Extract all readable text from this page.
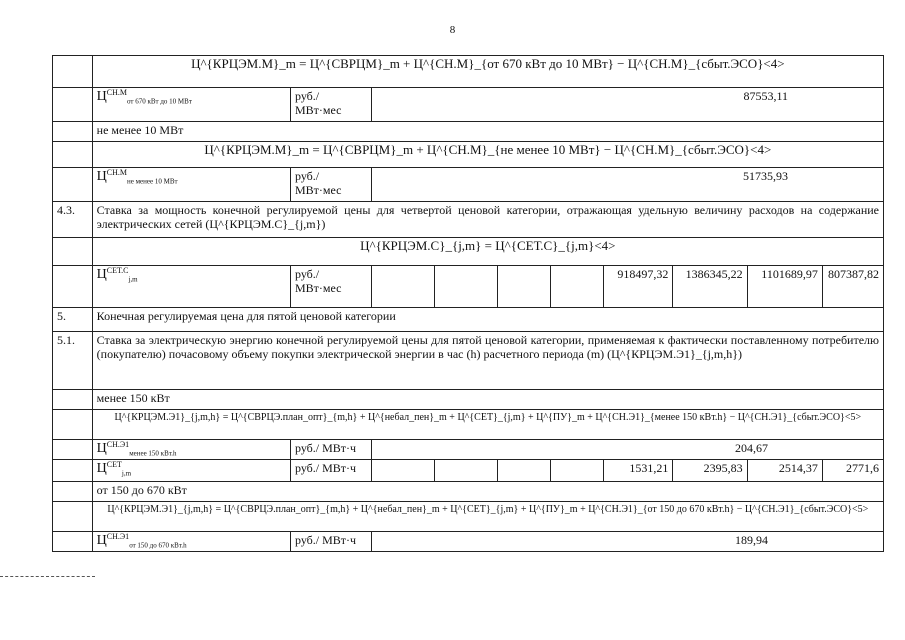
8
	Ц^{КРЦЭМ.М}_m = Ц^{СВРЦМ}_m + Ц^{СН.М}_{от 670 кВт до 10 МВт} − Ц^{СН.М}_{сбыт.ЭСО}<4>									
	$Ц^{СН.М}_{от 670 кВт до 10 МВт}$	руб./ МВт·мес	87553,11							
	не менее 10 МВт									
	Ц^{КРЦЭМ.М}_m = Ц^{СВРЦМ}_m + Ц^{СН.М}_{не менее 10 МВт} − Ц^{СН.М}_{сбыт.ЭСО}<4>									
	$Ц^{СН.М}_{не менее 10 МВт}$	руб./ МВт·мес	51735,93							
4.3.	Ставка за мощность конечной регулируемой цены для четвертой ценовой категории, отражающая удельную величину расходов на содержание электрических сетей (Ц^{КРЦЭМ.С}_{j,m})									
	Ц^{КРЦЭМ.С}_{j,m} = Ц^{СЕТ.С}_{j,m}<4>									
	$Ц^{СЕТ.С}_{j,m}$	руб./ МВт·мес					918497,32	1386345,22	1101689,97	807387,82
5.	Конечная регулируемая цена для пятой ценовой категории									
5.1.	Ставка за электрическую энергию конечной регулируемой цены для пятой ценовой категории, применяемая к фактически поставленному потребителю (покупателю) почасовому объему покупки электрической энергии в час (h) расчетного периода (m) (Ц^{КРЦЭМ.Э1}_{j,m,h})									
	менее 150 кВт									
	Ц^{КРЦЭМ.Э1}_{j,m,h} = Ц^{СВРЦЭ.план_опт}_{m,h} + Ц^{небал_пен}_m + Ц^{СЕТ}_{j,m} + Ц^{ПУ}_m + Ц^{СН.Э1}_{менее 150 кВт.h} − Ц^{СН.Э1}_{сбыт.ЭСО}<5>									
	$Ц^{СН.Э1}_{менее 150 кВт.h}$	руб./ МВт·ч	204,67							
	$Ц^{СЕТ}_{j,m}$	руб./ МВт·ч					1531,21	2395,83	2514,37	2771,6
	от 150 до 670 кВт									
	Ц^{КРЦЭМ.Э1}_{j,m,h} = Ц^{СВРЦЭ.план_опт}_{m,h} + Ц^{небал_пен}_m + Ц^{СЕТ}_{j,m} + Ц^{ПУ}_m + Ц^{СН.Э1}_{от 150 до 670 кВт.h} − Ц^{СН.Э1}_{сбыт.ЭСО}<5>									
	$Ц^{СН.Э1}_{от 150 до 670 кВт.h}$	руб./ МВт·ч	189,94							
